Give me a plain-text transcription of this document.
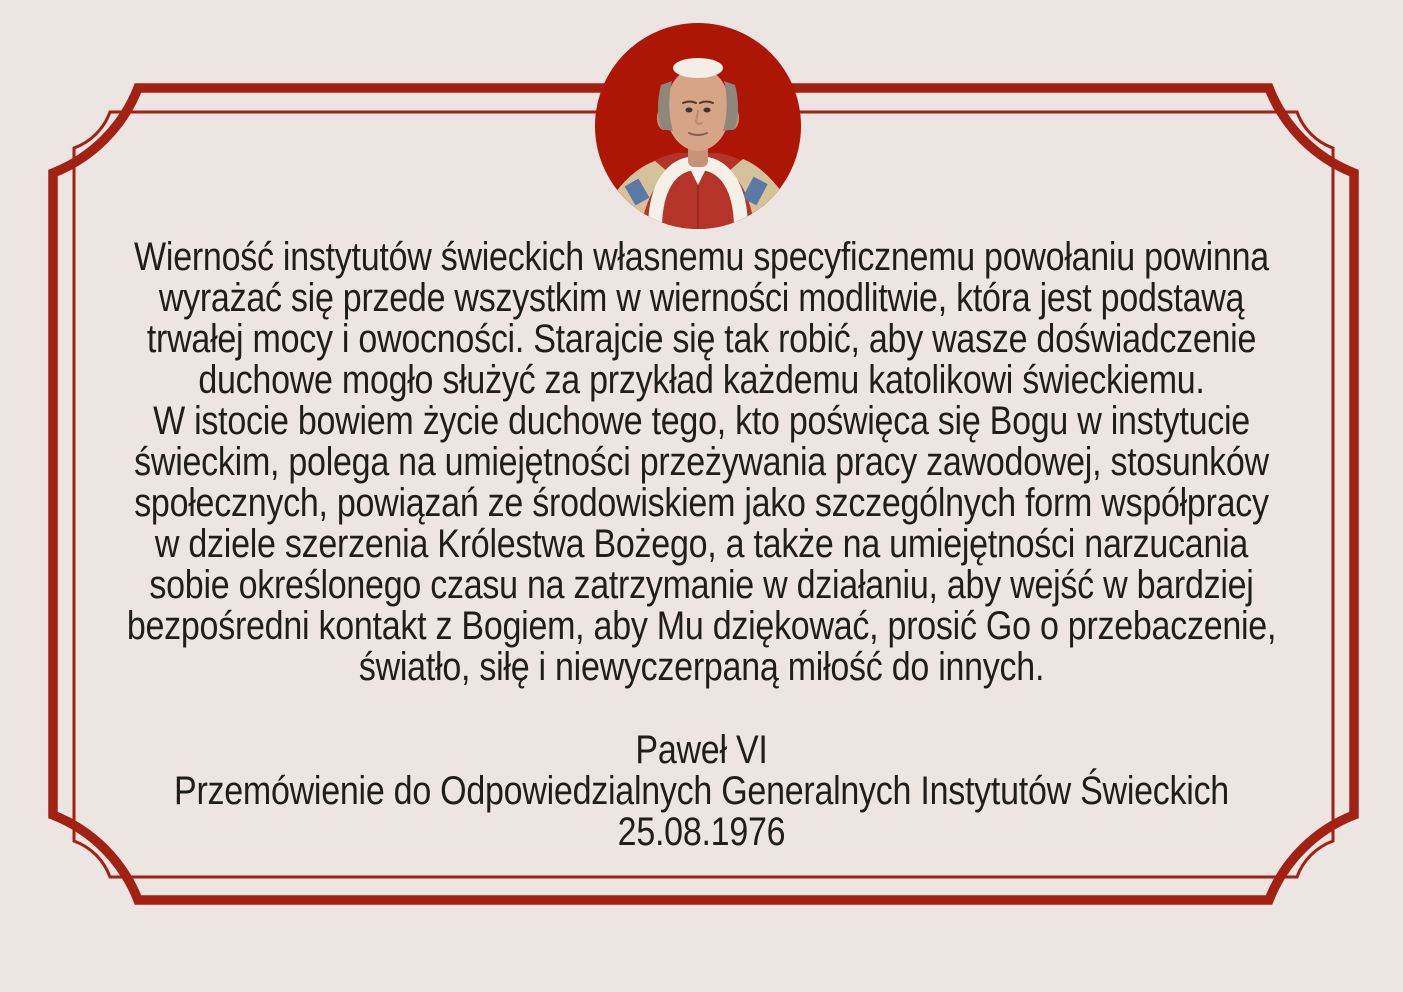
Wierność instytutów świeckich własnemu specyficznemu powołaniu powinna
wyrażać się przede wszystkim w wierności modlitwie, która jest podstawą
trwałej mocy i owocności. Starajcie się tak robić, aby wasze doświadczenie
duchowe mogło służyć za przykład każdemu katolikowi świeckiemu.
W istocie bowiem życie duchowe tego, kto poświęca się Bogu w instytucie
świeckim, polega na umiejętności przeżywania pracy zawodowej, stosunków
społecznych, powiązań ze środowiskiem jako szczególnych form współpracy
w dziele szerzenia Królestwa Bożego, a także na umiejętności narzucania
sobie określonego czasu na zatrzymanie w działaniu, aby wejść w bardziej
bezpośredni kontakt z Bogiem, aby Mu dziękować, prosić Go o przebaczenie,
światło, siłę i niewyczerpaną miłość do innych.
Paweł VI
Przemówienie do Odpowiedzialnych Generalnych Instytutów Świeckich
25.08.1976
